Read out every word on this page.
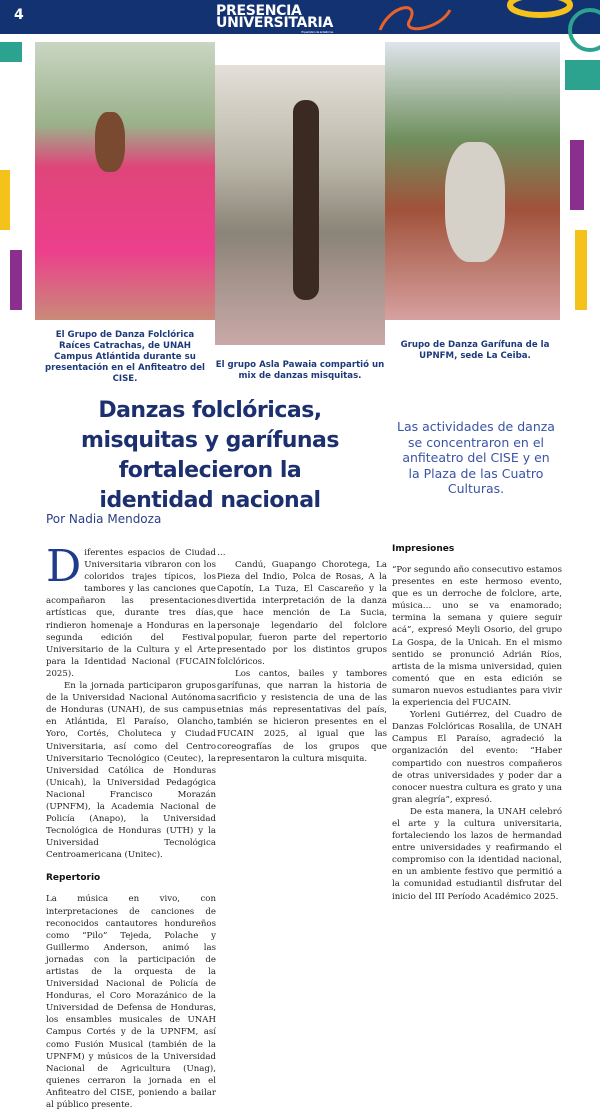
4	PRESENCIA
UNIVERSITARIA
El periódico de la Reforma
El Grupo de Danza Folclórica Raíces Catrachas, de UNAH Campus Atlántida durante su presentación en el Anfiteatro del CISE.
El grupo Asla Pawaia compartió un mix de danzas misquitas.
Grupo de Danza Garífuna de la UPNFM, sede La Ceiba.
Danzas folclóricas, misquitas y garífunas fortalecieron la identidad nacional
Por Nadia Mendoza
Las actividades de danza se concentraron en el anfiteatro del CISE y en la Plaza de las Cuatro Culturas.

Diferentes espacios de Ciudad Universitaria vibraron con los coloridos trajes típicos, los tambores y las canciones que acompañaron las presentaciones artísticas que, durante tres días, rindieron homenaje a Honduras en la segunda edición del Festival Universitario de la Cultura y el Arte para la Identidad Nacional (FUCAIN 2025).

En la jornada participaron grupos de la Universidad Nacional Autónoma de Honduras (UNAH), de sus campus en Atlántida, El Paraíso, Olancho, Yoro, Cortés, Choluteca y Ciudad Universitaria, así como del Centro Universitario Tecnológico (Ceutec), la Universidad Católica de Honduras (Unicah), la Universidad Pedagógica Nacional Francisco Morazán (UPNFM), la Academia Nacional de Policía (Anapo), la Universidad Tecnológica de Honduras (UTH) y la Universidad Tecnológica Centroamericana (Unitec).

Repertorio

La música en vivo, con interpretaciones de canciones de reconocidos cantautores hondureños como “Pilo” Tejeda, Polache y Guillermo Anderson, animó las jornadas con la participación de artistas de la orquesta de la Universidad Nacional de Policía de Honduras, el Coro Morazánico de la Universidad de Defensa de Honduras, los ensambles musicales de UNAH Campus Cortés y de la UPNFM, así como Fusión Musical (también de la UPNFM) y músicos de la Universidad Nacional de Agricultura (Unag), quienes cerraron la jornada en el Anfiteatro del CISE, poniendo a bailar al público presente.

…

Candú, Guapango Chorotega, La Pieza del Indio, Polca de Rosas, A la Capotín, La Tuza, El Cascareño y la divertida interpretación de la danza que hace mención de La Sucia, personaje legendario del folclore popular, fueron parte del repertorio presentado por los distintos grupos folclóricos.

Los cantos, bailes y tambores garífunas, que narran la historia de sacrificio y resistencia de una de las etnias más representativas del país, también se hicieron presentes en el FUCAIN 2025, al igual que las coreografías de los grupos que representaron la cultura misquita.

Impresiones

“Por segundo año consecutivo estamos presentes en este hermoso evento, que es un derroche de folclore, arte, música… uno se va enamorado; termina la semana y quiere seguir acá”, expresó Meyli Osorio, del grupo La Gospa, de la Unicah. En el mismo sentido se pronunció Adrián Ríos, artista de la misma universidad, quien comentó que en esta edición se sumaron nuevos estudiantes para vivir la experiencia del FUCAIN.

Yorleni Gutiérrez, del Cuadro de Danzas Folclóricas Rosalila, de UNAH Campus El Paraíso, agradeció la organización del evento: “Haber compartido con nuestros compañeros de otras universidades y poder dar a conocer nuestra cultura es grato y una gran alegría”, expresó.

De esta manera, la UNAH celebró el arte y la cultura universitaria, fortaleciendo los lazos de hermandad entre universidades y reafirmando el compromiso con la identidad nacional, en un ambiente festivo que permitió a la comunidad estudiantil disfrutar del inicio del III Período Académico 2025.
